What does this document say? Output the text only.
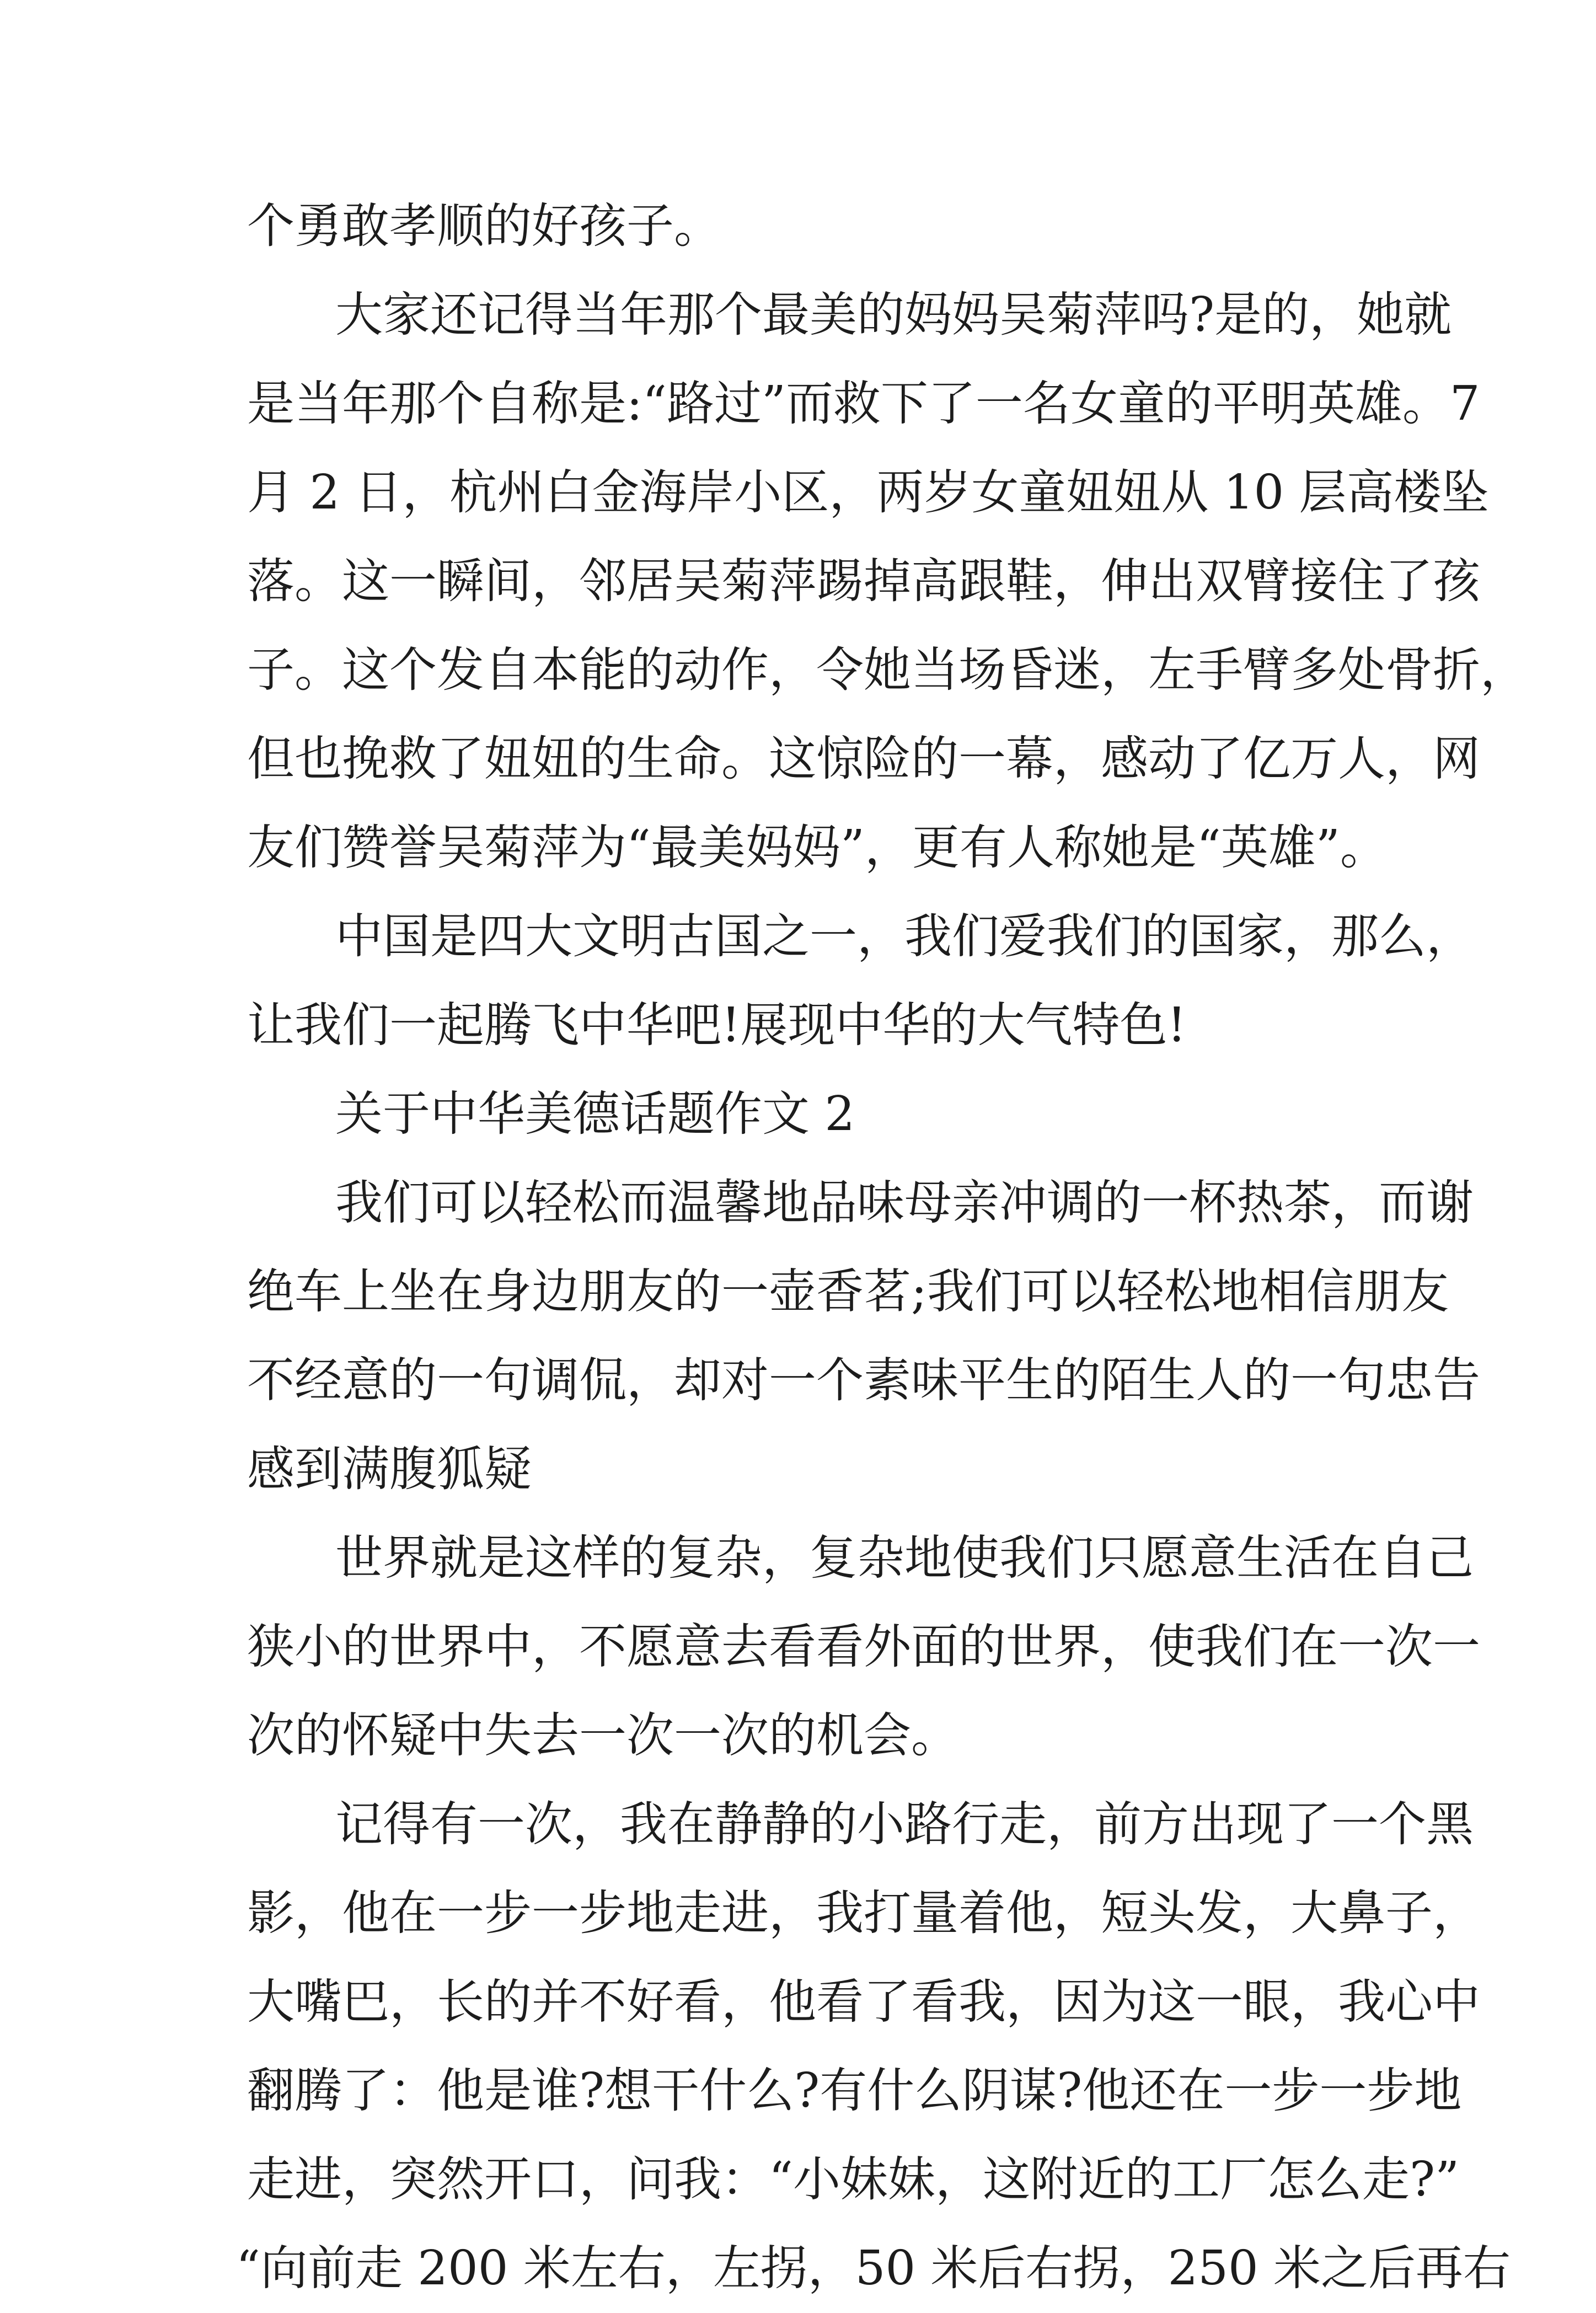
个勇敢孝顺的好孩子。
大家还记得当年那个最美的妈妈吴菊萍吗?是的，她就
是当年那个自称是:“路过”而救下了一名女童的平明英雄。7
月 2 日，杭州白金海岸小区，两岁女童妞妞从 10 层高楼坠
落。这一瞬间，邻居吴菊萍踢掉高跟鞋，伸出双臂接住了孩
子。这个发自本能的动作，令她当场昏迷，左手臂多处骨折，
但也挽救了妞妞的生命。这惊险的一幕，感动了亿万人，网
友们赞誉吴菊萍为“最美妈妈”，更有人称她是“英雄”。
中国是四大文明古国之一，我们爱我们的国家，那么，
让我们一起腾飞中华吧!展现中华的大气特色!
关于中华美德话题作文 2
我们可以轻松而温馨地品味母亲冲调的一杯热茶，而谢
绝车上坐在身边朋友的一壶香茗;我们可以轻松地相信朋友
不经意的一句调侃，却对一个素味平生的陌生人的一句忠告
感到满腹狐疑
世界就是这样的复杂，复杂地使我们只愿意生活在自己
狭小的世界中，不愿意去看看外面的世界，使我们在一次一
次的怀疑中失去一次一次的机会。
记得有一次，我在静静的小路行走，前方出现了一个黑
影，他在一步一步地走进，我打量着他，短头发，大鼻子，
大嘴巴，长的并不好看，他看了看我，因为这一眼，我心中
翻腾了：他是谁?想干什么?有什么阴谋?他还在一步一步地
走进，突然开口，问我：“小妹妹，这附近的工厂怎么走?”
“向前走 200 米左右，左拐，50 米后右拐，250 米之后再右
